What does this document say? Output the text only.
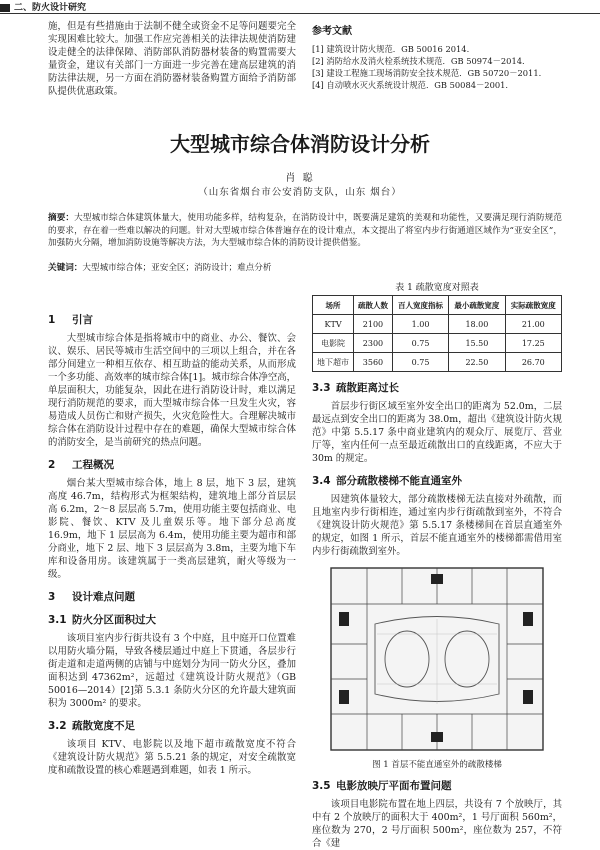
二、防火设计研究

施，但是有些措施由于法制不健全或资金不足等问题要完全实现困难比较大。加强工作应完善相关的法律法规使消防建设走健全的法律保障、消防部队消防器材装备的购置需要大量资金，建议有关部门一方面进一步完善在建高层建筑的消防法律法规，另一方面在消防器材装备购置方面给予消防部队提供优惠政策。

参考文献
[1] 建筑设计防火规范．GB 50016 2014.
[2] 消防给水及消火栓系统技术规范．GB 50974－2014.
[3] 建设工程施工现场消防安全技术规范．GB 50720－2011.
[4] 自动喷水灭火系统设计规范．GB 50084－2001.
大型城市综合体消防设计分析
肖 聪
（山东省烟台市公安消防支队，山东 烟台）
摘要：大型城市综合体建筑体量大，使用功能多样，结构复杂，在消防设计中，既要满足建筑的美观和功能性，又要满足现行消防规范的要求，存在着一些难以解决的问题。针对大型城市综合体普遍存在的设计难点，本文提出了将室内步行街通道区域作为“亚安全区”，加强防火分隔，增加消防设施等解决方法，为大型城市综合体的消防设计提供借鉴。
关键词：大型城市综合体；亚安全区；消防设计；难点分析
1 引言

大型城市综合体是指将城市中的商业、办公、餐饮、会议、娱乐、居民等城市生活空间中的三项以上组合，并在各部分间建立一种相互依存、相互助益的能动关系，从而形成一个多功能、高效率的城市综合体[1]。城市综合体净空高，单层面积大，功能复杂，因此在进行消防设计时，难以满足现行消防规范的要求，而大型城市综合体一旦发生火灾，容易造成人员伤亡和财产损失，火灾危险性大。合理解决城市综合体在消防设计过程中存在的难题，确保大型城市综合体的消防安全，是当前研究的热点问题。

2 工程概况

烟台某大型城市综合体，地上 8 层，地下 3 层，建筑高度 46.7m，结构形式为框架结构，建筑地上部分首层层高 6.2m，2～8 层层高 5.7m，使用功能主要包括商业、电影院、餐饮、KTV 及儿童娱乐等。地下部分总高度 16.9m，地下 1 层层高为 6.4m，使用功能主要为超市和部分商业，地下 2 层、地下 3 层层高为 3.8m，主要为地下车库和设备用房。该建筑属于一类高层建筑，耐火等级为一级。

3 设计难点问题
3.1 防火分区面积过大

该项目室内步行街共设有 3 个中庭，且中庭开口位置难以用防火墙分隔，导致各楼层通过中庭上下贯通，各层步行街走道和走道两侧的店铺与中庭划分为同一防火分区，叠加面积达到 47362m²，远超过《建筑设计防火规范》（GB 50016—2014）[2]第 5.3.1 条防火分区的允许最大建筑面积为 3000m² 的要求。

3.2 疏散宽度不足

该项目 KTV、电影院以及地下超市疏散宽度不符合《建筑设计防火规范》第 5.5.21 条的规定，对安全疏散宽度和疏散设置的核心难题遇到难题，如表 1 所示。

表 1 疏散宽度对照表

场所	疏散人数	百人宽度指标	最小疏散宽度	实际疏散宽度
KTV	2100	1.00	18.00	21.00
电影院	2300	0.75	15.50	17.25
地下超市	3560	0.75	22.50	26.70
3.3 疏散距离过长

首层步行街区域至室外安全出口的距离为 52.0m，二层最远点到安全出口的距离为 38.0m，超出《建筑设计防火规范》中第 5.5.17 条中商业建筑内的观众厅、展览厅、营业厅等，室内任何一点至最近疏散出口的直线距离，不应大于 30m 的规定。

3.4 部分疏散楼梯不能直通室外

因建筑体量较大，部分疏散楼梯无法直接对外疏散，而且地室内步行街相连，通过室内步行街疏散到室外，不符合《建筑设计防火规范》第 5.5.17 条楼梯间在首层直通室外的规定，如图 1 所示，首层不能直通室外的楼梯都需借用室内步行街疏散到室外。

图 1 首层不能直通室外的疏散楼梯
3.5 电影放映厅平面布置问题

该项目电影院布置在地上四层，共设有 7 个放映厅，其中有 2 个放映厅的面积大于 400m²，1 号厅面积 560m²，座位数为 270，2 号厅面积 500m²，座位数为 257，不符合《建
